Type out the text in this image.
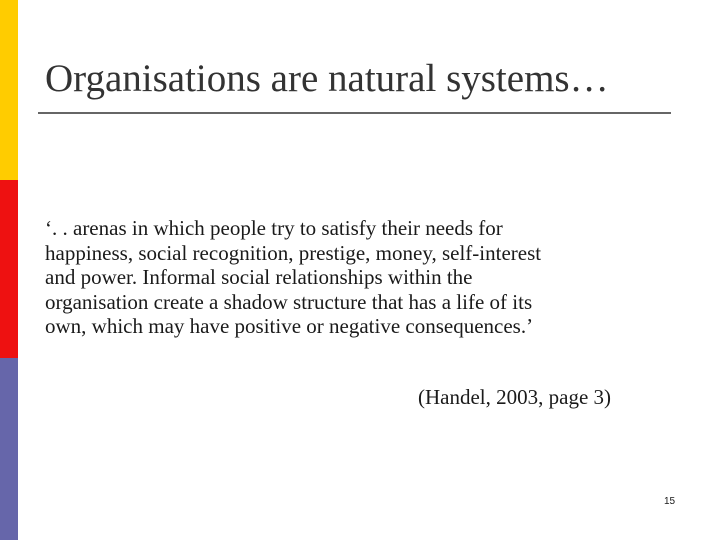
Organisations are natural systems…

‘. . arenas in which people try to satisfy their needs for
happiness, social recognition, prestige, money, self-interest
and power. Informal social relationships within the
organisation create a shadow structure that has a life of its
own, which may have positive or negative consequences.’

(Handel, 2003, page 3)

15
